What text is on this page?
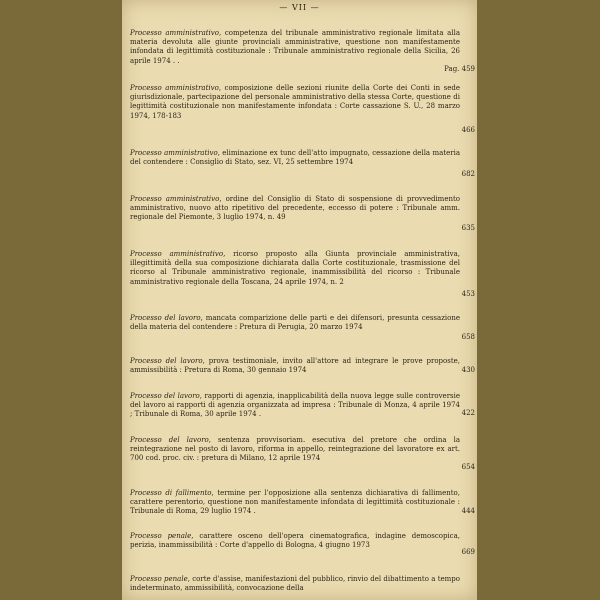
— VII —
Processo amministrativo, competenza del tribunale amministrativo regionale limitata alla materia devoluta alle giunte provinciali amministrative, questione non manifestamente infondata di legittimità costituzionale : Tribunale amministrativo regionale della Sicilia, 26 aprile 1974 . .
Pag. 459
Processo amministrativo, composizione delle sezioni riunite della Corte dei Conti in sede giurisdizionale, partecipazione del personale amministrativo della stessa Corte, questione di legittimità costituzionale non manifestamente infondata : Corte cassazione S. U., 28 marzo 1974, 178-183
466
Processo amministrativo, eliminazione ex tunc dell'atto impugnato, cessazione della materia del contendere : Consiglio di Stato, sez. VI, 25 settembre 1974
682
Processo amministrativo, ordine del Consiglio di Stato di sospensione di provvedimento amministrativo, nuovo atto ripetitivo del precedente, eccesso di potere : Tribunale amm. regionale del Piemonte, 3 luglio 1974, n. 49
635
Processo amministrativo, ricorso proposto alla Giunta provinciale amministrativa, illegittimità della sua composizione dichiarata dalla Corte costituzionale, trasmissione del ricorso al Tribunale amministrativo regionale, inammissibilità del ricorso : Tribunale amministrativo regionale della Toscana, 24 aprile 1974, n. 2
453
Processo del lavoro, mancata comparizione delle parti e dei difensori, presunta cessazione della materia del contendere : Pretura di Perugia, 20 marzo 1974
658
Processo del lavoro, prova testimoniale, invito all'attore ad integrare le prove proposte, ammissibilità : Pretura di Roma, 30 gennaio 1974	430
Processo del lavoro, rapporti di agenzia, inapplicabilità della nuova legge sulle controversie del lavoro ai rapporti di agenzia organizzata ad impresa : Tribunale di Monza, 4 aprile 1974 ; Tribunale di Roma, 30 aprile 1974 .	422
Processo del lavoro, sentenza provvisoriam. esecutiva del pretore che ordina la reintegrazione nel posto di lavoro, riforma in appello, reintegrazione del lavoratore ex art. 700 cod. proc. civ. : pretura di Milano, 12 aprile 1974
654
Processo di fallimento, termine per l'opposizione alla sentenza dichiarativa di fallimento, carattere perentorio, questione non manifestamente infondata di legittimità costituzionale : Tribunale di Roma, 29 luglio 1974 .	444
Processo penale, carattere osceno dell'opera cinematografica, indagine demoscopica, perizia, inammissibilità : Corte d'appello di Bologna, 4 giugno 1973
669
Processo penale, corte d'assise, manifestazioni del pubblico, rinvio del dibattimento a tempo indeterminato, ammissibilità, convocazione della
